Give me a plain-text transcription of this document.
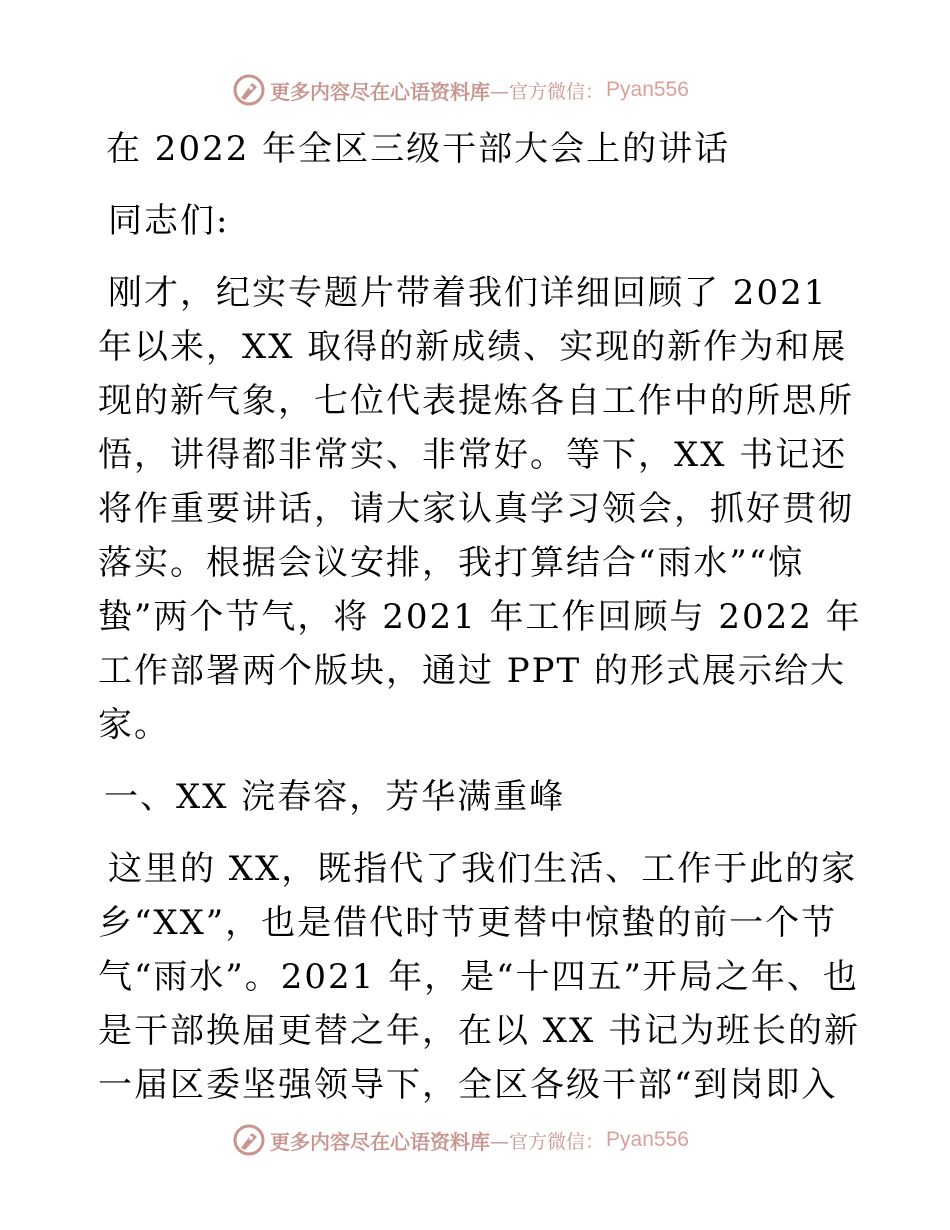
更多内容尽在心语资料库 —官方微信： Pyan556

在 2022 年全区三级干部大会上的讲话

同志们:

刚才，纪实专题片带着我们详细回顾了 2021 年以来，XX 取得的新成绩、实现的新作为和展现的新气象，七位代表提炼各自工作中的所思所悟，讲得都非常实、非常好。等下，XX 书记还将作重要讲话，请大家认真学习领会，抓好贯彻落实。根据会议安排，我打算结合“雨水”“惊蛰”两个节气，将 2021 年工作回顾与 2022 年工作部署两个版块，通过 PPT 的形式展示给大家。

一、XX 浣春容，芳华满重峰

这里的 XX，既指代了我们生活、工作于此的家乡“XX”，也是借代时节更替中惊蛰的前一个节气“雨水”。2021 年，是“十四五”开局之年、也是干部换届更替之年，在以 XX 书记为班长的新一届区委坚强领导下，全区各级干部“到岗即入

更多内容尽在心语资料库 —官方微信： Pyan556
